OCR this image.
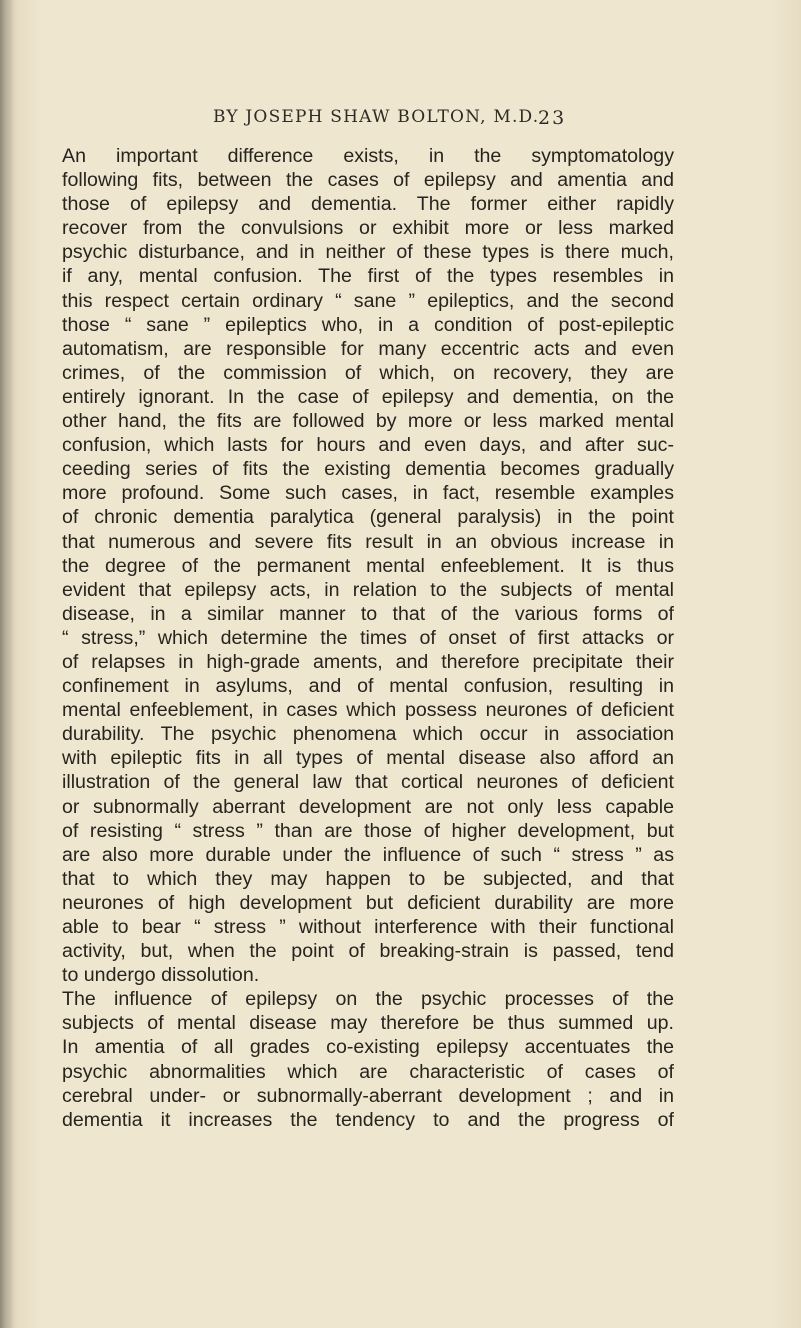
BY JOSEPH SHAW BOLTON, M.D.
23
An important difference exists, in the symptomatology
following fits, between the cases of epilepsy and amentia and
those of epilepsy and dementia. The former either rapidly
recover from the convulsions or exhibit more or less marked
psychic disturbance, and in neither of these types is there much,
if any, mental confusion. The first of the types resembles in
this respect certain ordinary “ sane ” epileptics, and the second
those “ sane ” epileptics who, in a condition of post-epileptic
automatism, are responsible for many eccentric acts and even
crimes, of the commission of which, on recovery, they are
entirely ignorant. In the case of epilepsy and dementia, on the
other hand, the fits are followed by more or less marked mental
confusion, which lasts for hours and even days, and after suc-
ceeding series of fits the existing dementia becomes gradually
more profound. Some such cases, in fact, resemble examples
of chronic dementia paralytica (general paralysis) in the point
that numerous and severe fits result in an obvious increase in
the degree of the permanent mental enfeeblement. It is thus
evident that epilepsy acts, in relation to the subjects of mental
disease, in a similar manner to that of the various forms of
“ stress,” which determine the times of onset of first attacks or
of relapses in high-grade aments, and therefore precipitate their
confinement in asylums, and of mental confusion, resulting in
mental enfeeblement, in cases which possess neurones of deficient
durability. The psychic phenomena which occur in association
with epileptic fits in all types of mental disease also afford an
illustration of the general law that cortical neurones of deficient
or subnormally aberrant development are not only less capable
of resisting “ stress ” than are those of higher development, but
are also more durable under the influence of such “ stress ” as
that to which they may happen to be subjected, and that
neurones of high development but deficient durability are more
able to bear “ stress ” without interference with their functional
activity, but, when the point of breaking-strain is passed, tend
to undergo dissolution.
The influence of epilepsy on the psychic processes of the
subjects of mental disease may therefore be thus summed up.
In amentia of all grades co-existing epilepsy accentuates the
psychic abnormalities which are characteristic of cases of
cerebral under- or subnormally-aberrant development ; and in
dementia it increases the tendency to and the progress of
